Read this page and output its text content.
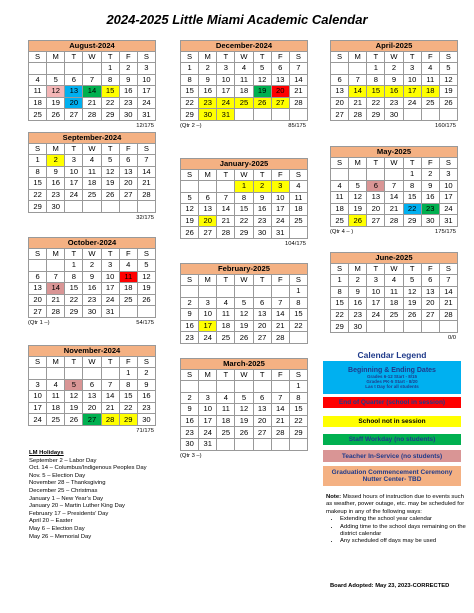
2024-2025 Little Miami Academic Calendar
August-2024						
S	M	T	W	T	F	S
				1	2	3
4	5	6	7	8	9	10
11	12	13	14	15	16	17
18	19	20	21	22	23	24
25	26	27	28	29	30	31
12/175
September-2024						
S	M	T	W	T	F	S
1	2	3	4	5	6	7
8	9	10	11	12	13	14
15	16	17	18	19	20	21
22	23	24	25	26	27	28
29	30					
32/175
October-2024						
S	M	T	W	T	F	S
		1	2	3	4	5
6	7	8	9	10	11	12
13	14	15	16	17	18	19
20	21	22	23	24	25	26
27	28	29	30	31		
54/175
(Qtr 1 –)
November-2024						
S	M	T	W	T	F	S
					1	2
3	4	5	6	7	8	9
10	11	12	13	14	15	16
17	18	19	20	21	22	23
24	25	26	27	28	29	30
71/175
December-2024						
S	M	T	W	T	F	S
1	2	3	4	5	6	7
8	9	10	11	12	13	14
15	16	17	18	19	20	21
22	23	24	25	26	27	28
29	30	31				
85/175
(Qtr 2 –)
January-2025						
S	M	T	W	T	F	S
			1	2	3	4
5	6	7	8	9	10	11
12	13	14	15	16	17	18
19	20	21	22	23	24	25
26	27	28	29	30	31	
104/175
February-2025						
S	M	T	W	T	F	S
						1
2	3	4	5	6	7	8
9	10	11	12	13	14	15
16	17	18	19	20	21	22
23	24	25	26	27	28	
March-2025						
S	M	T	W	T	F	S
						1
2	3	4	5	6	7	8
9	10	11	12	13	14	15
16	17	18	19	20	21	22
23	24	25	26	27	28	29
30	31					
(Qtr 3 –)
April-2025						
S	M	T	W	T	F	S
		1	2	3	4	5
6	7	8	9	10	11	12
13	14	15	16	17	18	19
20	21	22	23	24	25	26
27	28	29	30			
160/175
May-2025						
S	M	T	W	T	F	S
				1	2	3
4	5	6	7	8	9	10
11	12	13	14	15	16	17
18	19	20	21	22	23	24
25	26	27	28	29	30	31
175/175
(Qtr 4 – )
June-2025						
S	M	T	W	T	F	S
1	2	3	4	5	6	7
8	9	10	11	12	13	14
15	16	17	18	19	20	21
22	23	24	25	26	27	28
29	30					
0/0
Calendar Legend
Beginning & Ending Dates
Grades 6-12 Start - 8/15
Grades PK-5 Start - 8/20
Las t Day for all students
End of Quarter (school in session)
School not in session
Staff Workday (no students)
Teacher In-Service (no students)
Graduation Commencement Ceremony Nutter Center- TBD
LM Holidays
September 2 – Labor Day
Oct. 14 – Columbus/Indigenous Peoples Day
Nov. 5 – Election Day
November 28 – Thanksgiving
December 25 – Christmas
January 1 – New Year’s Day
January 20 – Martin Luther King Day
February 17 – Presidents’ Day
April 20 – Easter
May 6 – Election Day
May 26 – Memorial Day
Note: Missed hours of instruction due to events such as weather, power outage, etc. may be scheduled for makeup in any of the following ways:
• Extending the school year calendar
• Adding time to the school days remaining on the district calendar
• Any scheduled off days may be used
Board Adopted: May 23, 2023-CORRECTED
